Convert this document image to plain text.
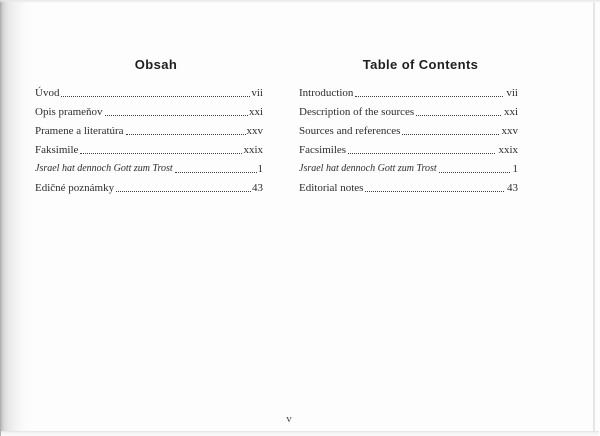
Obsah
Úvod	vii
Opis prameňov	xxi
Pramene a literatúra	xxv
Faksimile	xxix
Jsrael hat dennoch Gott zum Trost	1
Edičné poznámky	43
Table of Contents
Introduction	vii
Description of the sources	xxi
Sources and references	xxv
Facsimiles	xxix
Jsrael hat dennoch Gott zum Trost	1
Editorial notes	43
v
